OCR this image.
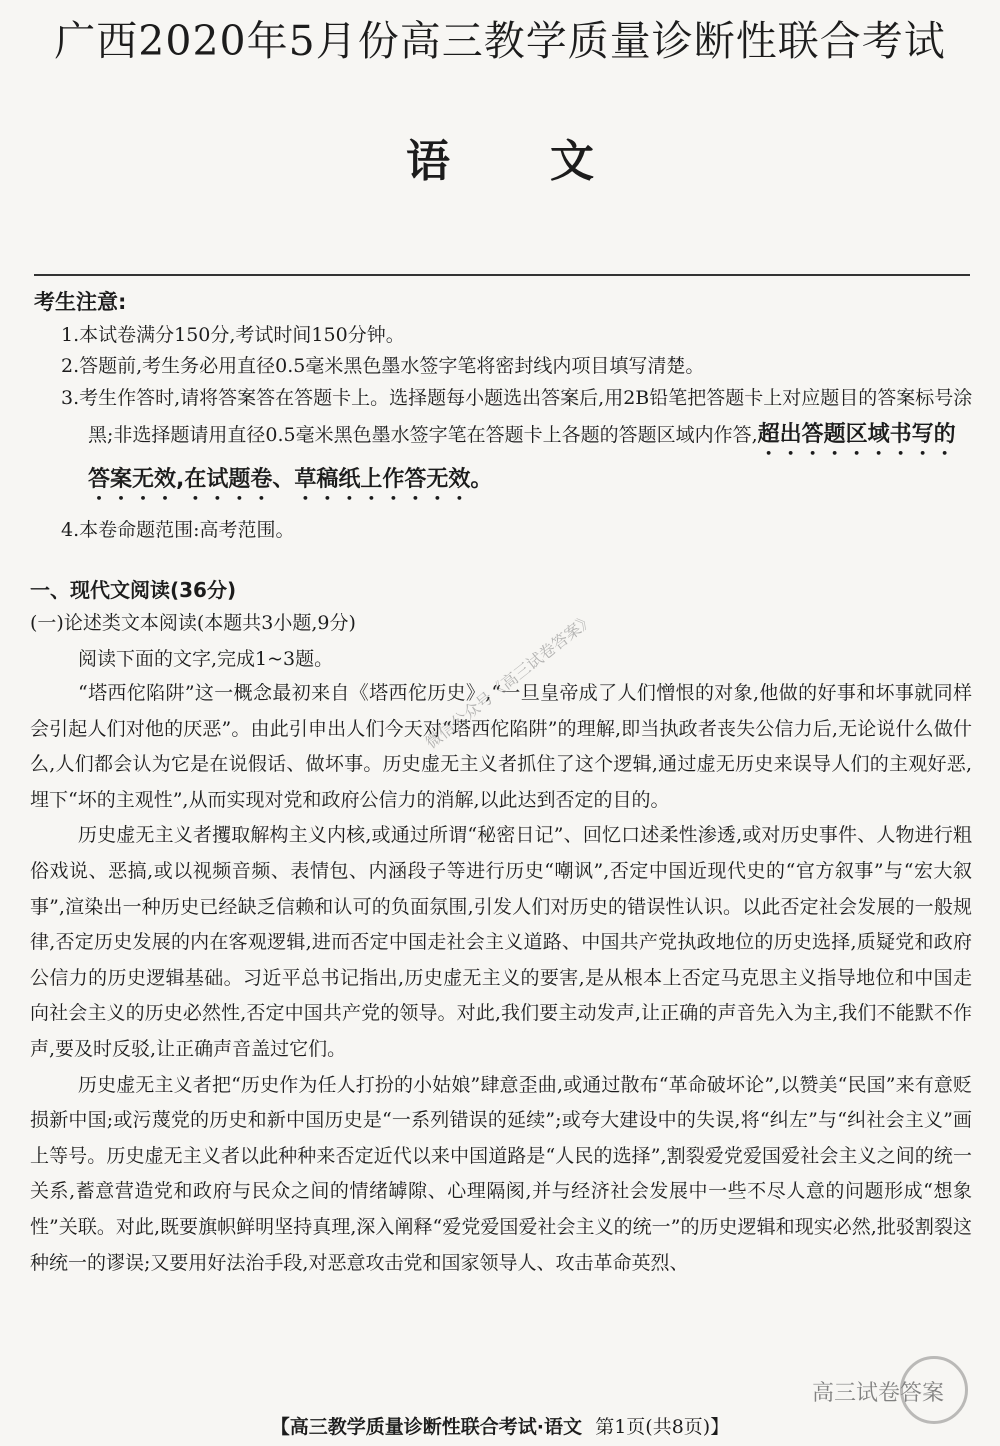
广西2020年5月份高三教学质量诊断性联合考试
语文

考生注意:

1.本试卷满分150分,考试时间150分钟。

2.答题前,考生务必用直径0.5毫米黑色墨水签字笔将密封线内项目填写清楚。

3.考生作答时,请将答案答在答题卡上。选择题每小题选出答案后,用2B铅笔把答题卡上对应题目的答案标号涂黑;非选择题请用直径0.5毫米黑色墨水签字笔在答题卡上各题的答题区域内作答,超出答题区域书写的答案无效,在试题卷、草稿纸上作答无效。

4.本卷命题范围:高考范围。

一、现代文阅读(36分)

(一)论述类文本阅读(本题共3小题,9分)

阅读下面的文字,完成1~3题。

“塔西佗陷阱”这一概念最初来自《塔西佗历史》,“一旦皇帝成了人们憎恨的对象,他做的好事和坏事就同样会引起人们对他的厌恶”。由此引申出人们今天对“塔西佗陷阱”的理解,即当执政者丧失公信力后,无论说什么做什么,人们都会认为它是在说假话、做坏事。历史虚无主义者抓住了这个逻辑,通过虚无历史来误导人们的主观好恶,埋下“坏的主观性”,从而实现对党和政府公信力的消解,以此达到否定的目的。

历史虚无主义者攫取解构主义内核,或通过所谓“秘密日记”、回忆口述柔性渗透,或对历史事件、人物进行粗俗戏说、恶搞,或以视频音频、表情包、内涵段子等进行历史“嘲讽”,否定中国近现代史的“官方叙事”与“宏大叙事”,渲染出一种历史已经缺乏信赖和认可的负面氛围,引发人们对历史的错误性认识。以此否定社会发展的一般规律,否定历史发展的内在客观逻辑,进而否定中国走社会主义道路、中国共产党执政地位的历史选择,质疑党和政府公信力的历史逻辑基础。习近平总书记指出,历史虚无主义的要害,是从根本上否定马克思主义指导地位和中国走向社会主义的历史必然性,否定中国共产党的领导。对此,我们要主动发声,让正确的声音先入为主,我们不能默不作声,要及时反驳,让正确声音盖过它们。

历史虚无主义者把“历史作为任人打扮的小姑娘”肆意歪曲,或通过散布“革命破坏论”,以赞美“民国”来有意贬损新中国;或污蔑党的历史和新中国历史是“一系列错误的延续”;或夸大建设中的失误,将“纠左”与“纠社会主义”画上等号。历史虚无主义者以此种种来否定近代以来中国道路是“人民的选择”,割裂爱党爱国爱社会主义之间的统一关系,蓄意营造党和政府与民众之间的情绪罅隙、心理隔阂,并与经济社会发展中一些不尽人意的问题形成“想象性”关联。对此,既要旗帜鲜明坚持真理,深入阐释“爱党爱国爱社会主义的统一”的历史逻辑和现实必然,批驳割裂这种统一的谬误;又要用好法治手段,对恶意攻击党和国家领导人、攻击革命英烈、

微信公众号《高三试卷答案》
高三试卷答案

【高三教学质量诊断性联合考试·语文 第1页(共8页)】
